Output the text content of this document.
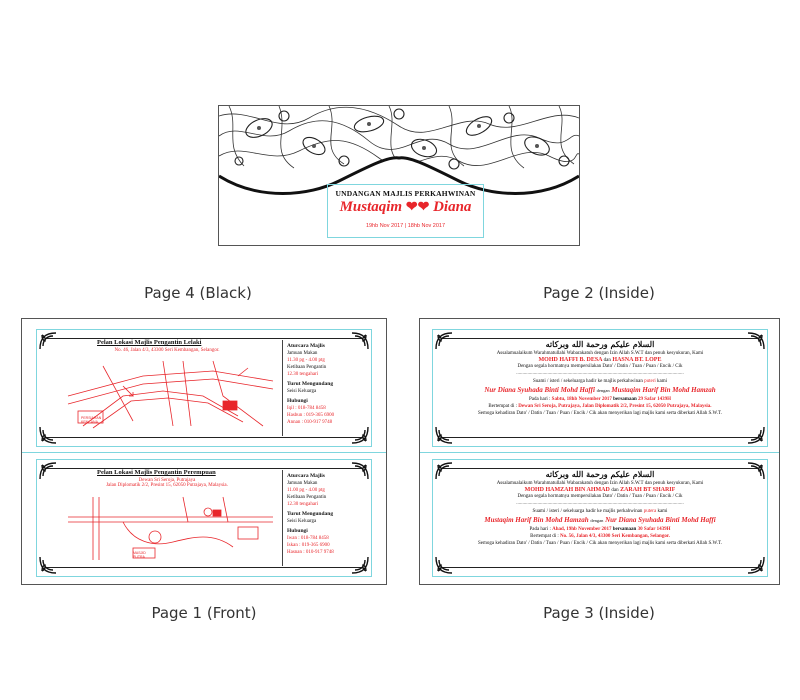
UNDANGAN MAJLIS PERKAHWINAN
Mustaqim ❤❤ Diana
19hb Nov 2017 | 18hb Nov 2017
Page 4 (Black)	Page 2 (Inside)
Pelan Lokasi Majlis Pengantin Lelaki
No. 46, Jalan 4/3, 43300 Seri Kembangan, Selangor.
PERSIARAN
KENCANA
Aturcara Majlis
Jamuan Makan
11.30 pg - 4.00 ptg
Ketibaan Pengantin
12.30 tengahari
Turut Mengundang
Seisi Keluarga
Hubungi
Iqil : 018-784 8458
Hasbun : 019-365 6900
Annan : 010-917 9748
Pelan Lokasi Majlis Pengantin Perempuan
Dewan Sri Seroja, Putrajaya
Jalan Diplomatik 2/2, Presint 15, 62050 Putrajaya, Malaysia.
MASJID
PUTRA
Aturcara Majlis
Jamuan Makan
11.00 pg - 4.00 ptg
Ketibaan Pengantin
12.30 tengahari
Turut Mengundang
Seisi Keluarga
Hubungi
Iwan : 018-784 8458
Iskan : 019-365 6900
Hasnan : 010-917 9748
السلام عليكم ورحمة الله وبركاته
Assalamualaikum Warahmatullahi Wabarakatuh dengan Izin Allah S.W.T dan penuh kesyukuran, Kami
MOHD HAFFI B. DESA dan HASNA BT. LOPE
Dengan segala hormatnya mempersilakan Dato' / Datin / Tuan / Puan / Encik / Cik
......................................................................................................................................
Suami / isteri / sekeluarga hadir ke majlis perkahwinan puteri kami
Nur Diana Syuhada Binti Mohd Haffi dengan Mustaqim Harif Bin Mohd Hamzah
Pada hari : Sabtu, 18hb November 2017 bersamaan 29 Safar 1439H
Bertempat di : Dewan Sri Seroja, Putrajaya, Jalan Diplomatik 2/2, Presint 15, 62050 Putrajaya, Malaysia.
Semoga kehadiran Dato' / Datin / Tuan / Puan / Encik / Cik akan menyerikan lagi majlis kami serta diberkati Allah S.W.T.
السلام عليكم ورحمة الله وبركاته
Assalamualaikum Warahmatullahi Wabarakatuh dengan Izin Allah S.W.T dan penuh kesyukuran, Kami
MOHD HAMZAH BIN AHMAD dan ZARAH BT SHARIF
Dengan segala hormatnya mempersilakan Dato' / Datin / Tuan / Puan / Encik / Cik
......................................................................................................................................
Suami / isteri / sekeluarga hadir ke majlis perkahwinan putera kami
Mustaqim Harif Bin Mohd Hamzah dengan Nur Diana Syuhada Binti Mohd Haffi
Pada hari : Ahad, 19hb November 2017 bersamaan 30 Safar 1439H
Bertempat di : No. 56, Jalan 4/3, 43300 Seri Kembangan, Selangor.
Semoga kehadiran Dato' / Datin / Tuan / Puan / Encik / Cik akan menyerikan lagi majlis kami serta diberkati Allah S.W.T.
Page 1 (Front)	Page 3 (Inside)
